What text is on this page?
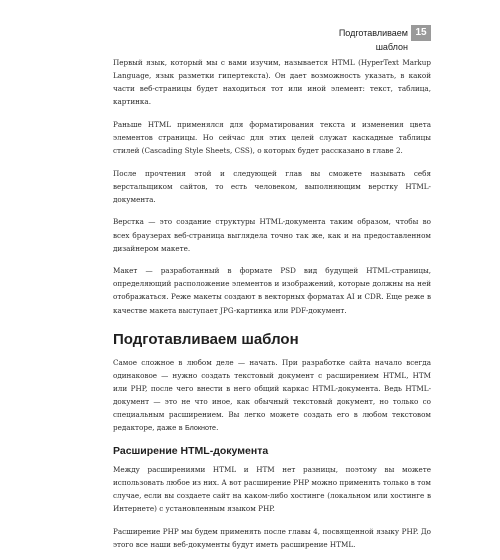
Подготавливаем шаблон
15

Первый язык, который мы с вами изучим, называется HTML (HyperText Markup Language, язык разметки гипертекста). Он дает возможность указать, в какой части веб-страницы будет находиться тот или иной элемент: текст, таблица, картинка.

Раньше HTML применялся для форматирования текста и изменения цвета элементов страницы. Но сейчас для этих целей служат каскадные таблицы стилей (Cascading Style Sheets, CSS), о которых будет рассказано в главе 2.

После прочтения этой и следующей глав вы сможете называть себя верстальщиком сайтов, то есть человеком, выполняющим верстку HTML-документа.

Верстка — это создание структуры HTML-документа таким образом, чтобы во всех браузерах веб-страница выглядела точно так же, как и на предоставленном дизайнером макете.

Макет — разработанный в формате PSD вид будущей HTML-страницы, определяющий расположение элементов и изображений, которые должны на ней отображаться. Реже макеты создают в векторных форматах AI и CDR. Еще реже в качестве макета выступает JPG-картинка или PDF-документ.

Подготавливаем шаблон

Самое сложное в любом деле — начать. При разработке сайта начало всегда одинаковое — нужно создать текстовый документ с расширением HTML, HTM или PHP, после чего внести в него общий каркас HTML-документа. Ведь HTML-документ — это не что иное, как обычный текстовый документ, но только со специальным расширением. Вы легко можете создать его в любом текстовом редакторе, даже в Блокноте.

Расширение HTML-документа

Между расширениями HTML и HTM нет разницы, поэтому вы можете использовать любое из них. А вот расширение PHP можно применять только в том случае, если вы создаете сайт на каком-либо хостинге (локальном или хостинге в Интернете) с установленным языком PHP.

Расширение PHP мы будем применять после главы 4, посвященной языку PHP. До этого все наши веб-документы будут иметь расширение HTML.
